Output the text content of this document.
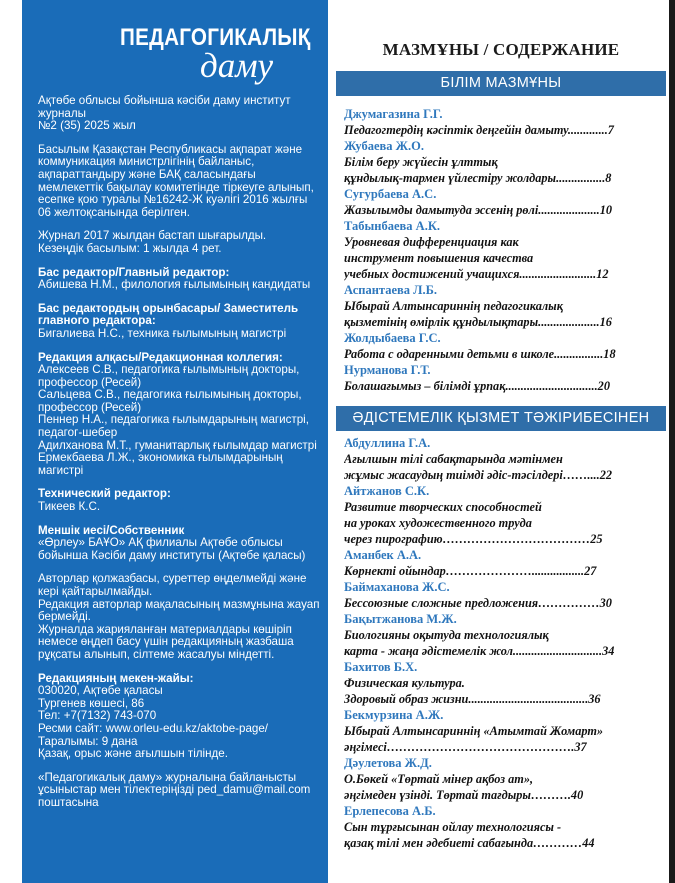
ПЕДАГОГИКАЛЫҚ
даму

Ақтөбе облысы бойынша кәсіби даму институт журналы
№2 (35) 2025 жыл

Басылым Қазақстан Республикасы ақпарат және коммуникация министрлігінің байланыс, ақпараттандыру және БАҚ саласындағы мемлекеттік бақылау комитетінде тіркеуге алынып, есепке қою туралы №16242-Ж куәлігі 2016 жылғы 06 желтоқсанында берілген.

Журнал 2017 жылдан бастап шығарылды.
Кезеңдік басылым: 1 жылда 4 рет.

Бас редактор/Главный редактор:
Абишева Н.М., филология ғылымының кандидаты

Бас редактордың орынбасары/ Заместитель главного редактора:
Бигалиева Н.С., техника ғылымының магистрі

Редакция алқасы/Редакционная коллегия:
Алексеев С.В., педагогика ғылымының докторы, профессор (Ресей)
Сальцева С.В., педагогика ғылымының докторы, профессор (Ресей)
Пеннер Н.А., педагогика ғылымдарының магистрі, педагог-шебер
Адилханова М.Т., гуманитарлық ғылымдар магистрі
Ермекбаева Л.Ж., экономика ғылымдарының магистрі

Технический редактор:
Тикеев К.С.

Меншік иесі/Собственник
«Өрлеу» БАҰО» АҚ филиалы Ақтөбе облысы бойынша Кәсіби даму институты (Ақтөбе қаласы)

Авторлар қолжазбасы, суреттер өңделмейді және кері қайтарылмайды.
Редакция авторлар мақаласының мазмұнына жауап бермейді.
Журналда жарияланған материалдары көшіріп немесе өңдеп басу үшін редакцияның жазбаша рұқсаты алынып, сілтеме жасалуы міндетті.

Редакцияның мекен-жайы:
030020, Ақтөбе қаласы
Тургенев көшесі, 86
Тел: +7(7132) 743-070
Ресми сайт: www.orleu-edu.kz/aktobe-page/
Таралымы: 9 дана
Қазақ, орыс және ағылшын тілінде.

«Педагогикалық даму» журналына байланысты ұсыныстар мен тілектеріңізді ped_damu@mail.com поштасына

МАЗМҰНЫ / СОДЕРЖАНИЕ
БІЛІМ МАЗМҰНЫ
Джумагазина Г.Г.
Педагогтердің кәсіптік деңгейін дамыту.............7
Жубаева Ж.О.
Білім беру жүйесін ұлттық
құндылық-тармен үйлестіру жолдары................8
Сугурбаева А.С.
Жазылымды дамытуда эссенің рөлі....................10
Табынбаева А.К.
Уровневая дифференциация как
инструмент повышения качества
учебных достижений учащихся.........................12
Аспантаева Л.Б.
Ыбырай Алтынсариннің педагогикалық
қызметінің өмірлік құндылықтары....................16
Жолдыбаева Г.С.
Работа с одаренными детьми в школе................18
Нурманова Г.Т.
Болашағымыз – білімді ұрпақ..............................20
ӘДІСТЕМЕЛІК ҚЫЗМЕТ ТӘЖІРИБЕСІНЕН
Абдуллина Г.А.
Ағылшын тілі сабақтарында мәтінмен
жұмыс жасаудың тиімді әдіс-тәсілдері……....22
Айтжанов С.К.
Развитие творческих способностей
на уроках художественного труда
через пирографию………………………………25
Аманбек А.А.
Көрнекті ойындар………………….................27
Баймаханова Ж.С.
Бессоюзные сложные предложения……………30
Бақытжанова М.Ж.
Биологияны оқытуда технологиялық
карта - жаңа әдістемелік жол.............................34
Бахитов Б.Х.
Физическая культура.
Здоровый образ жизни.......................................36
Бекмурзина А.Ж.
Ыбырай Алтынсариннің «Атымтай Жомарт»
әңгімесі……………………………………….37
Дәулетова Ж.Д.
О.Бөкей «Төртай мінер ақбоз ат»,
әңгімеден үзінді. Төртай тағдыры……….40
Ерлепесова А.Б.
Сын тұрғысынан ойлау технологиясы -
қазақ тілі мен әдебиеті сабағында…………44
